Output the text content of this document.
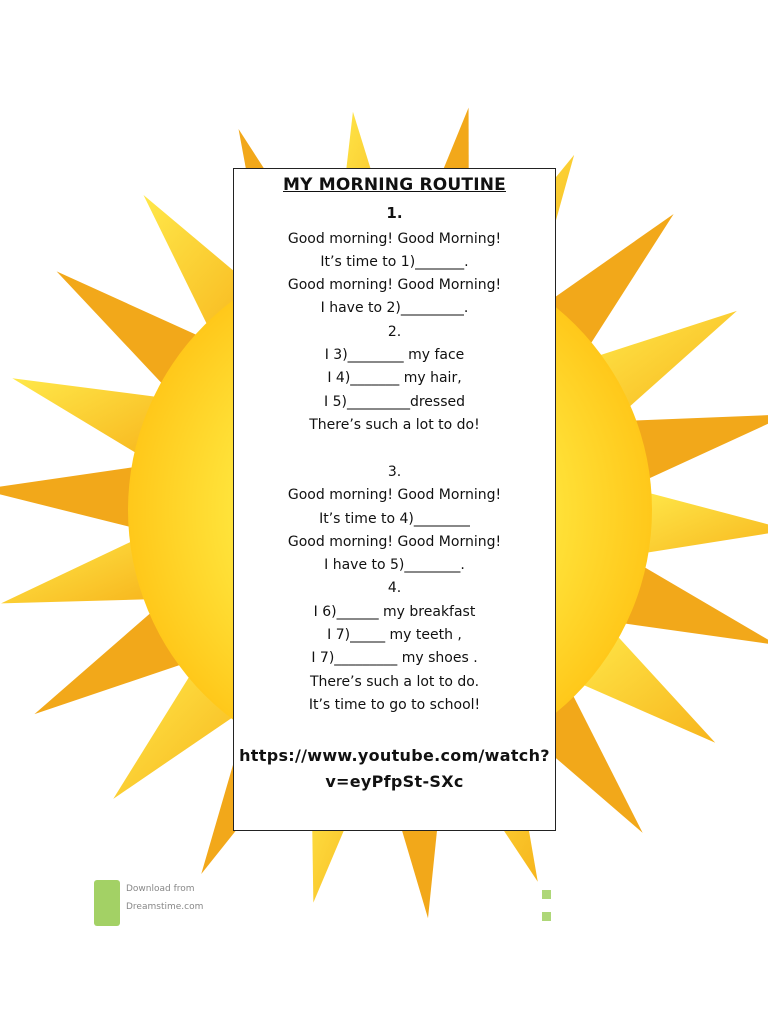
MY MORNING ROUTINE
1.
Good morning! Good Morning!
It’s time to 1)_______.
Good morning! Good Morning!
I have to 2)_________.
2.
I 3)________ my face
I 4)_______ my hair,
I 5)_________dressed
There’s such a lot to do!
3.
Good morning! Good Morning!
It’s time to 4)________
Good morning! Good Morning!
I have to 5)________.
4.
I 6)______ my breakfast
I 7)_____ my teeth ,
I 7)_________ my shoes .
There’s such a lot to do.
It’s time to go to school!
https://www.youtube.com/watch?
v=eyPfpSt-SXc
Download from
Dreamstime.com
